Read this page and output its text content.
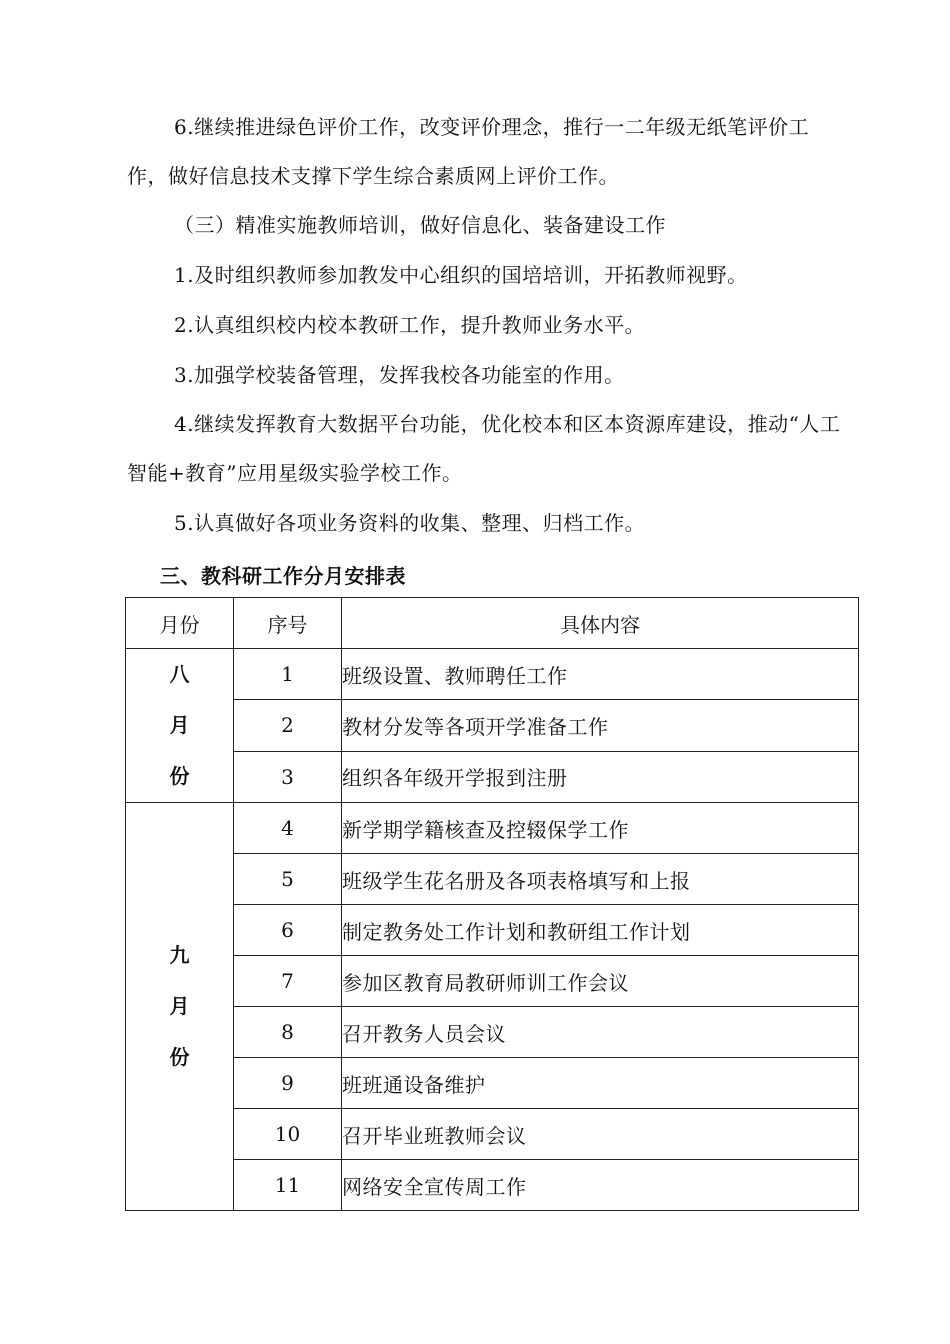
6.继续推进绿色评价工作，改变评价理念，推行一二年级无纸笔评价工作，做好信息技术支撑下学生综合素质网上评价工作。

（三）精准实施教师培训，做好信息化、装备建设工作

1.及时组织教师参加教发中心组织的国培培训，开拓教师视野。

2.认真组织校内校本教研工作，提升教师业务水平。

3.加强学校装备管理，发挥我校各功能室的作用。

4.继续发挥教育大数据平台功能，优化校本和区本资源库建设，推动“人工智能+教育”应用星级实验学校工作。

5.认真做好各项业务资料的收集、整理、归档工作。

三、教科研工作分月安排表
月份	序号	具体内容

八
月
份	1	班级设置、教师聘任工作
	2	教材分发等各项开学准备工作
	3	组织各年级开学报到注册

九
月
份	4	新学期学籍核查及控辍保学工作
	5	班级学生花名册及各项表格填写和上报
	6	制定教务处工作计划和教研组工作计划
	7	参加区教育局教研师训工作会议
	8	召开教务人员会议
	9	班班通设备维护
	10	召开毕业班教师会议
	11	网络安全宣传周工作
